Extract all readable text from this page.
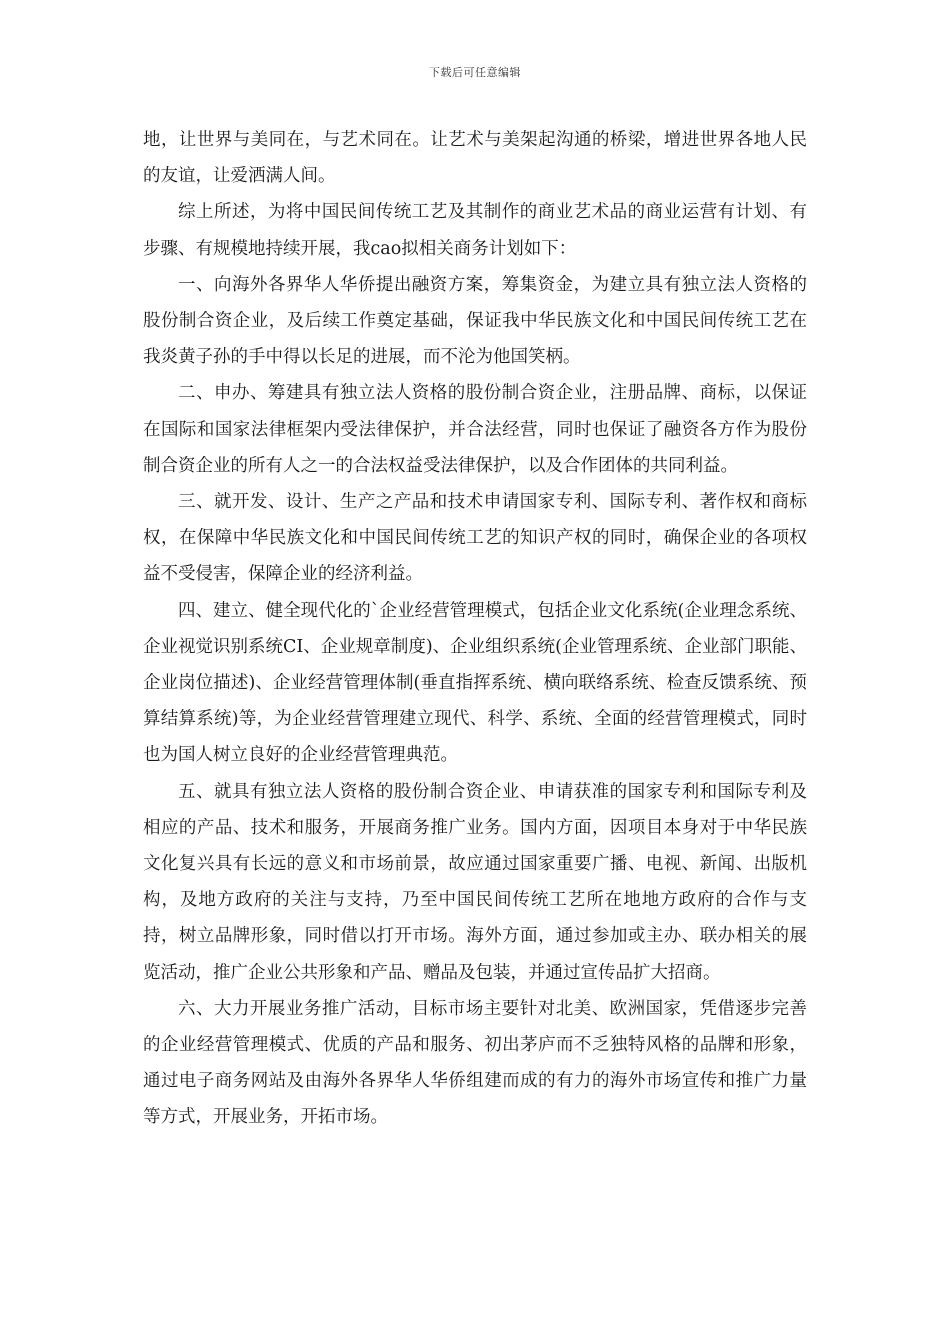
下载后可任意编辑

地，让世界与美同在，与艺术同在。让艺术与美架起沟通的桥梁，增进世界各地人民的友谊，让爱洒满人间。

综上所述，为将中国民间传统工艺及其制作的商业艺术品的商业运营有计划、有步骤、有规模地持续开展，我cao拟相关商务计划如下：

一、向海外各界华人华侨提出融资方案，筹集资金，为建立具有独立法人资格的股份制合资企业，及后续工作奠定基础，保证我中华民族文化和中国民间传统工艺在我炎黄子孙的手中得以长足的进展，而不沦为他国笑柄。

二、申办、筹建具有独立法人资格的股份制合资企业，注册品牌、商标，以保证在国际和国家法律框架内受法律保护，并合法经营，同时也保证了融资各方作为股份制合资企业的所有人之一的合法权益受法律保护，以及合作团体的共同利益。

三、就开发、设计、生产之产品和技术申请国家专利、国际专利、著作权和商标权，在保障中华民族文化和中国民间传统工艺的知识产权的同时，确保企业的各项权益不受侵害，保障企业的经济利益。

四、建立、健全现代化的`企业经营管理模式，包括企业文化系统(企业理念系统、企业视觉识别系统CI、企业规章制度)、企业组织系统(企业管理系统、企业部门职能、企业岗位描述)、企业经营管理体制(垂直指挥系统、横向联络系统、检查反馈系统、预算结算系统)等，为企业经营管理建立现代、科学、系统、全面的经营管理模式，同时也为国人树立良好的企业经营管理典范。

五、就具有独立法人资格的股份制合资企业、申请获准的国家专利和国际专利及相应的产品、技术和服务，开展商务推广业务。国内方面，因项目本身对于中华民族文化复兴具有长远的意义和市场前景，故应通过国家重要广播、电视、新闻、出版机构，及地方政府的关注与支持，乃至中国民间传统工艺所在地地方政府的合作与支持，树立品牌形象，同时借以打开市场。海外方面，通过参加或主办、联办相关的展览活动，推广企业公共形象和产品、赠品及包装，并通过宣传品扩大招商。

六、大力开展业务推广活动，目标市场主要针对北美、欧洲国家，凭借逐步完善的企业经营管理模式、优质的产品和服务、初出茅庐而不乏独特风格的品牌和形象，通过电子商务网站及由海外各界华人华侨组建而成的有力的海外市场宣传和推广力量等方式，开展业务，开拓市场。
